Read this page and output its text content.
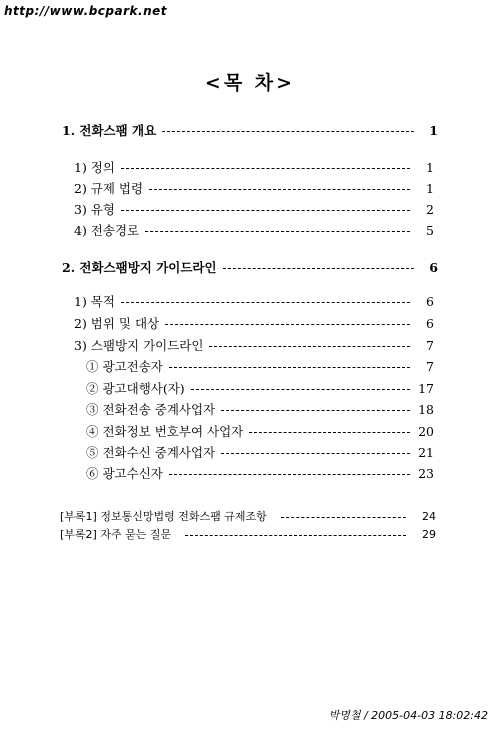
http://www.bcpark.net
<목 차>
1. 전화스팸 개요	1
1) 정의	1
2) 규제 법령	1
3) 유형	2
4) 전송경로	5
2. 전화스팸방지 가이드라인	6
1) 목적	6
2) 범위 및 대상	6
3) 스팸방지 가이드라인	7
① 광고전송자	7
② 광고대행사(자)	17
③ 전화전송 중계사업자	18
④ 전화정보 번호부여 사업자	20
⑤ 전화수신 중계사업자	21
⑥ 광고수신자	23
[부록1] 정보통신망법령 전화스팸 규제조항	24
[부록2] 자주 묻는 질문	29
박명철 / 2005-04-03 18:02:42
